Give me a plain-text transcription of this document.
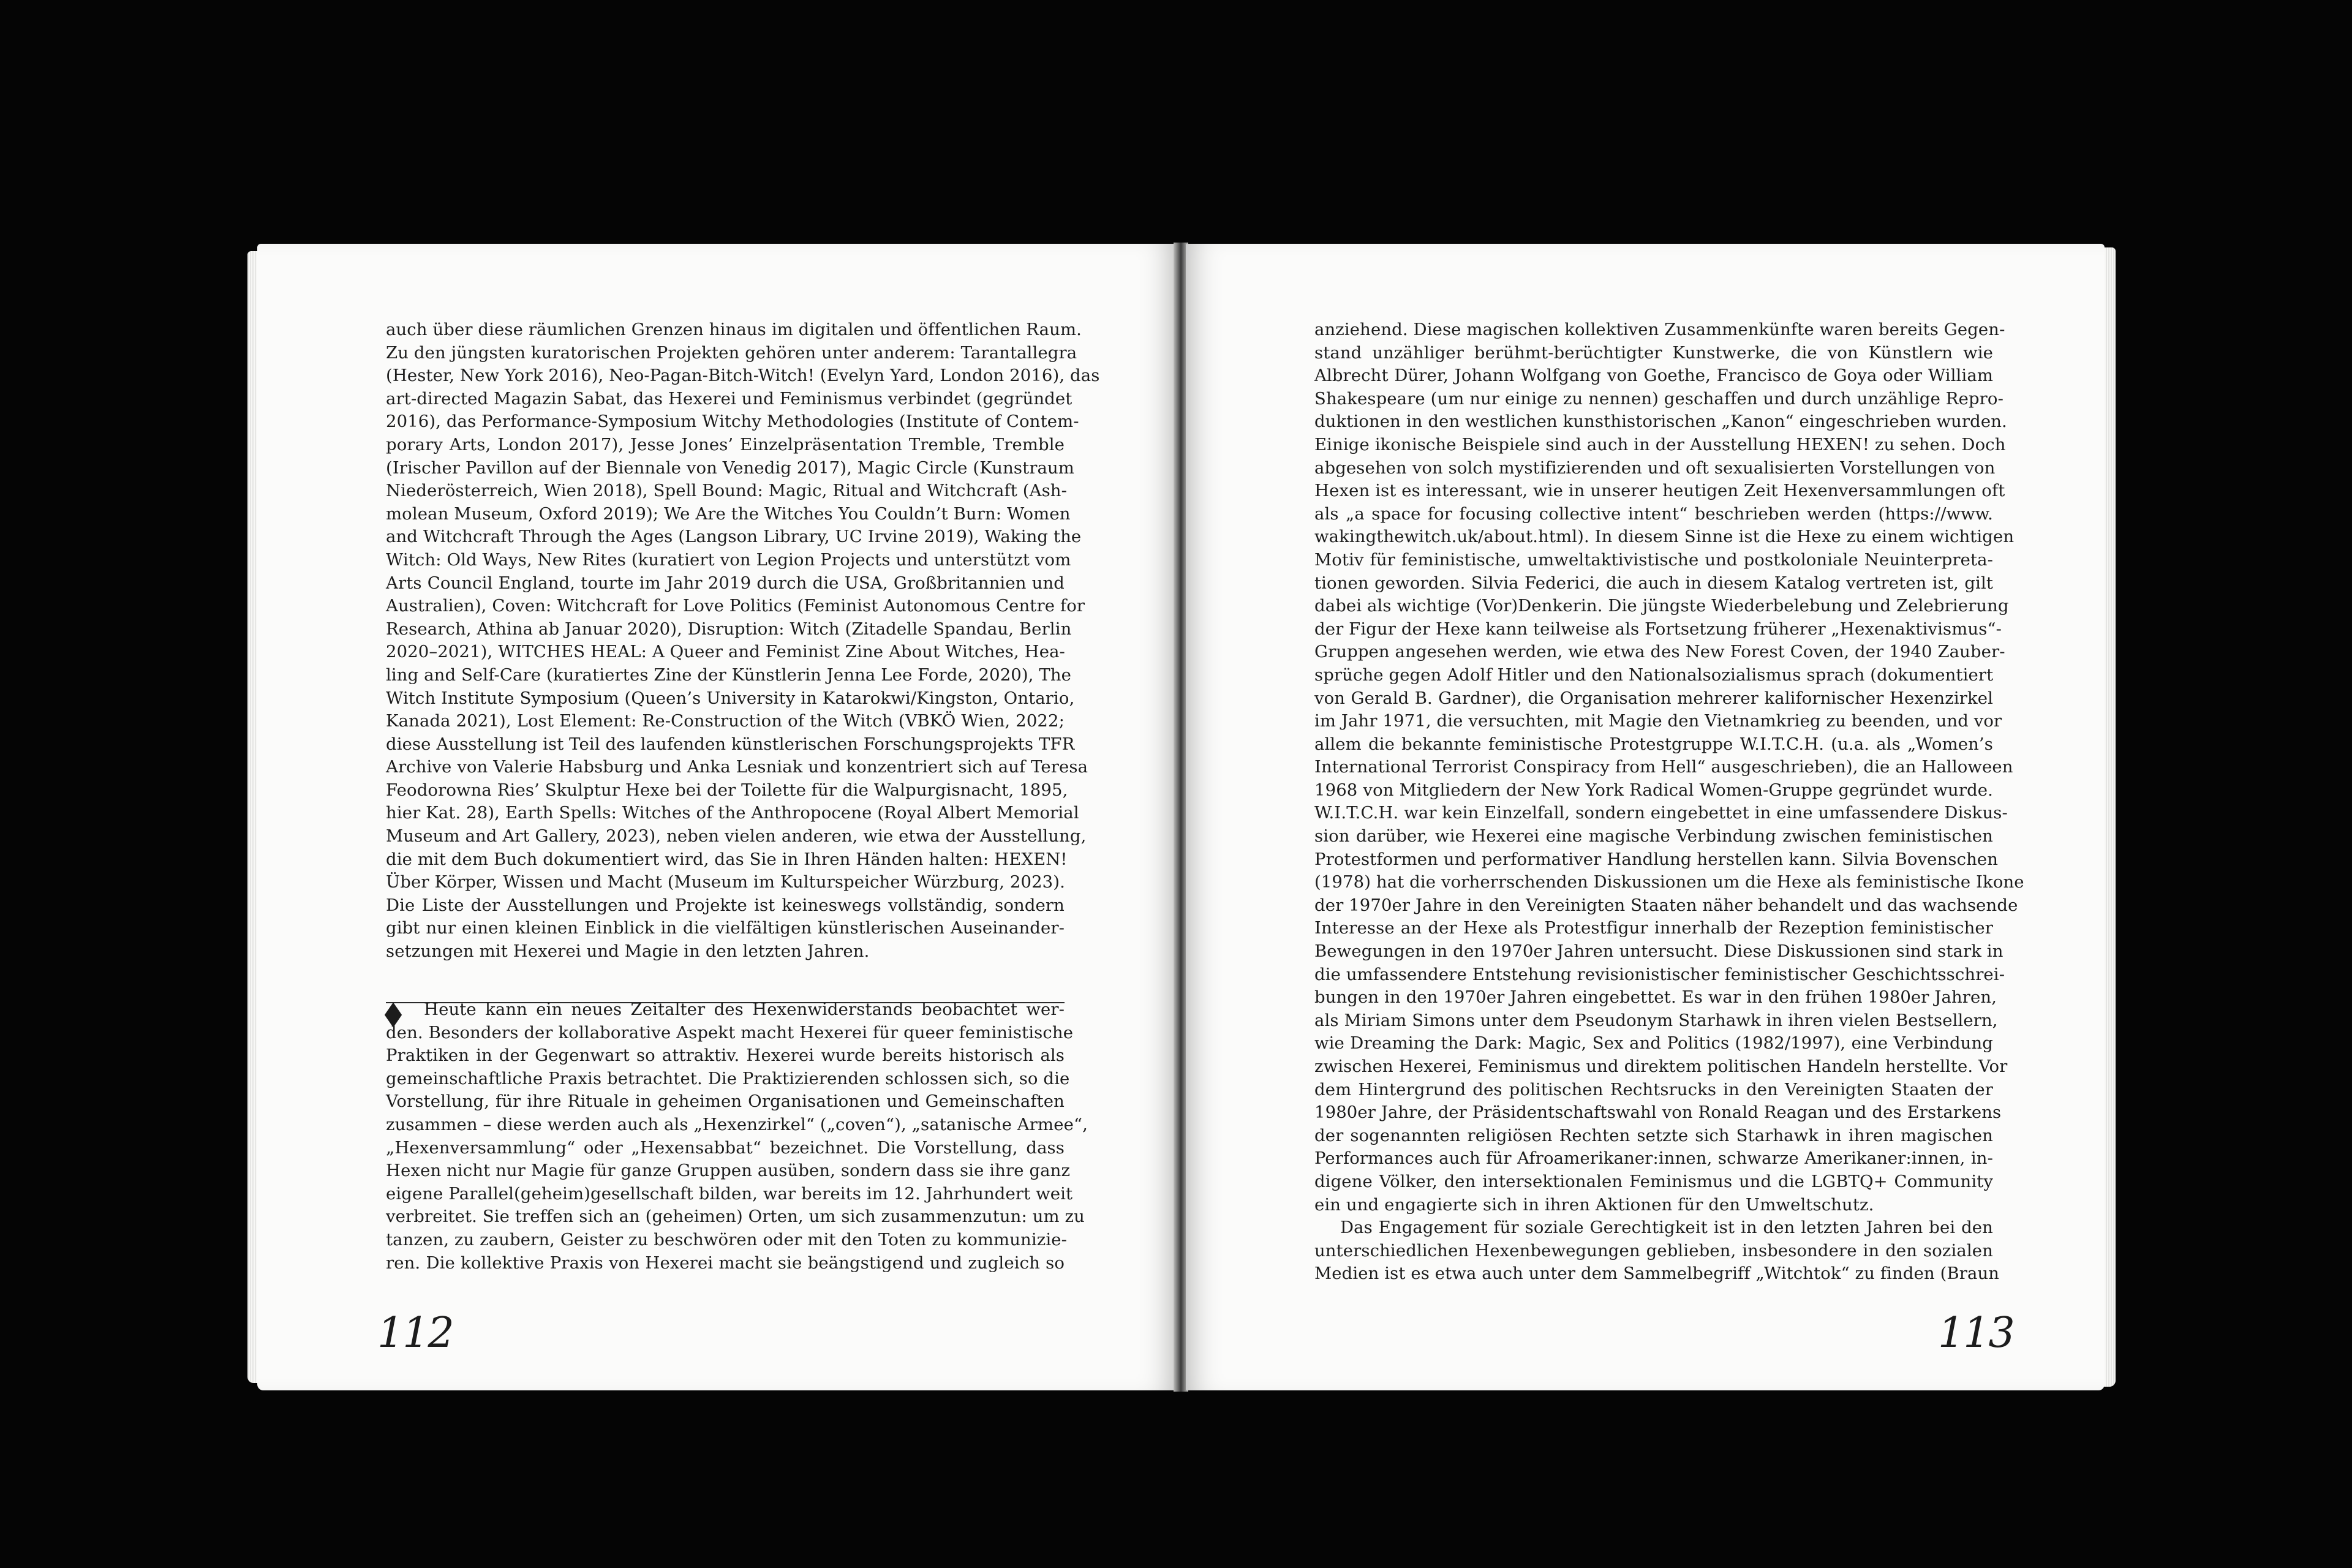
auch über diese räumlichen Grenzen hinaus im digitalen und öffentlichen Raum.
Zu den jüngsten kuratorischen Projekten gehören unter anderem: Tarantallegra
(Hester, New York 2016), Neo-Pagan-Bitch-Witch! (Evelyn Yard, London 2016), das
art-directed Magazin Sabat, das Hexerei und Feminismus verbindet (gegründet
2016), das Performance-Symposium Witchy Methodologies (Institute of Contem-
porary Arts, London 2017), Jesse Jones’ Einzelpräsentation Tremble, Tremble
(Irischer Pavillon auf der Biennale von Venedig 2017), Magic Circle (Kunstraum
Niederösterreich, Wien 2018), Spell Bound: Magic, Ritual and Witchcraft (Ash-
molean Museum, Oxford 2019); We Are the Witches You Couldn’t Burn: Women
and Witchcraft Through the Ages (Langson Library, UC Irvine 2019), Waking the
Witch: Old Ways, New Rites (kuratiert von Legion Projects und unterstützt vom
Arts Council England, tourte im Jahr 2019 durch die USA, Großbritannien und
Australien), Coven: Witchcraft for Love Politics (Feminist Autonomous Centre for
Research, Athina ab Januar 2020), Disruption: Witch (Zitadelle Spandau, Berlin
2020–2021), WITCHES HEAL: A Queer and Feminist Zine About Witches, Hea-
ling and Self-Care (kuratiertes Zine der Künstlerin Jenna Lee Forde, 2020), The
Witch Institute Symposium (Queen’s University in Katarokwi/Kingston, Ontario,
Kanada 2021), Lost Element: Re-Construction of the Witch (VBKÖ Wien, 2022;
diese Ausstellung ist Teil des laufenden künstlerischen Forschungsprojekts TFR
Archive von Valerie Habsburg und Anka Lesniak und konzentriert sich auf Teresa
Feodorowna Ries’ Skulptur Hexe bei der Toilette für die Walpurgisnacht, 1895,
hier Kat. 28), Earth Spells: Witches of the Anthropocene (Royal Albert Memorial
Museum and Art Gallery, 2023), neben vielen anderen, wie etwa der Ausstellung,
die mit dem Buch dokumentiert wird, das Sie in Ihren Händen halten: HEXEN!
Über Körper, Wissen und Macht (Museum im Kulturspeicher Würzburg, 2023).
Die Liste der Ausstellungen und Projekte ist keineswegs vollständig, sondern
gibt nur einen kleinen Einblick in die vielfältigen künstlerischen Auseinander-
setzungen mit Hexerei und Magie in den letzten Jahren.
Heute kann ein neues Zeitalter des Hexenwiderstands beobachtet wer-
den. Besonders der kollaborative Aspekt macht Hexerei für queer feministische
Praktiken in der Gegenwart so attraktiv. Hexerei wurde bereits historisch als
gemeinschaftliche Praxis betrachtet. Die Praktizierenden schlossen sich, so die
Vorstellung, für ihre Rituale in geheimen Organisationen und Gemeinschaften
zusammen – diese werden auch als „Hexenzirkel“ („coven“), „satanische Armee“,
„Hexenversammlung“ oder „Hexensabbat“ bezeichnet. Die Vorstellung, dass
Hexen nicht nur Magie für ganze Gruppen ausüben, sondern dass sie ihre ganz
eigene Parallel(geheim)gesellschaft bilden, war bereits im 12. Jahrhundert weit
verbreitet. Sie treffen sich an (geheimen) Orten, um sich zusammenzutun: um zu
tanzen, zu zaubern, Geister zu beschwören oder mit den Toten zu kommunizie-
ren. Die kollektive Praxis von Hexerei macht sie beängstigend und zugleich so
112
anziehend. Diese magischen kollektiven Zusammenkünfte waren bereits Gegen-
stand unzähliger berühmt-berüchtigter Kunstwerke, die von Künstlern wie
Albrecht Dürer, Johann Wolfgang von Goethe, Francisco de Goya oder William
Shakespeare (um nur einige zu nennen) geschaffen und durch unzählige Repro-
duktionen in den westlichen kunsthistorischen „Kanon“ eingeschrieben wurden.
Einige ikonische Beispiele sind auch in der Ausstellung HEXEN! zu sehen. Doch
abgesehen von solch mystifizierenden und oft sexualisierten Vorstellungen von
Hexen ist es interessant, wie in unserer heutigen Zeit Hexenversammlungen oft
als „a space for focusing collective intent“ beschrieben werden (https://www.
wakingthewitch.uk/about.html). In diesem Sinne ist die Hexe zu einem wichtigen
Motiv für feministische, umweltaktivistische und postkoloniale Neuinterpreta-
tionen geworden. Silvia Federici, die auch in diesem Katalog vertreten ist, gilt
dabei als wichtige (Vor)Denkerin. Die jüngste Wiederbelebung und Zelebrierung
der Figur der Hexe kann teilweise als Fortsetzung früherer „Hexenaktivismus“-
Gruppen angesehen werden, wie etwa des New Forest Coven, der 1940 Zauber-
sprüche gegen Adolf Hitler und den Nationalsozialismus sprach (dokumentiert
von Gerald B. Gardner), die Organisation mehrerer kalifornischer Hexenzirkel
im Jahr 1971, die versuchten, mit Magie den Vietnamkrieg zu beenden, und vor
allem die bekannte feministische Protestgruppe W.I.T.C.H. (u.a. als „Women’s
International Terrorist Conspiracy from Hell“ ausgeschrieben), die an Halloween
1968 von Mitgliedern der New York Radical Women-Gruppe gegründet wurde.
W.I.T.C.H. war kein Einzelfall, sondern eingebettet in eine umfassendere Diskus-
sion darüber, wie Hexerei eine magische Verbindung zwischen feministischen
Protestformen und performativer Handlung herstellen kann. Silvia Bovenschen
(1978) hat die vorherrschenden Diskussionen um die Hexe als feministische Ikone
der 1970er Jahre in den Vereinigten Staaten näher behandelt und das wachsende
Interesse an der Hexe als Protestfigur innerhalb der Rezeption feministischer
Bewegungen in den 1970er Jahren untersucht. Diese Diskussionen sind stark in
die umfassendere Entstehung revisionistischer feministischer Geschichtsschrei-
bungen in den 1970er Jahren eingebettet. Es war in den frühen 1980er Jahren,
als Miriam Simons unter dem Pseudonym Starhawk in ihren vielen Bestsellern,
wie Dreaming the Dark: Magic, Sex and Politics (1982/1997), eine Verbindung
zwischen Hexerei, Feminismus und direktem politischen Handeln herstellte. Vor
dem Hintergrund des politischen Rechtsrucks in den Vereinigten Staaten der
1980er Jahre, der Präsidentschaftswahl von Ronald Reagan und des Erstarkens
der sogenannten religiösen Rechten setzte sich Starhawk in ihren magischen
Performances auch für Afroamerikaner:innen, schwarze Amerikaner:innen, in-
digene Völker, den intersektionalen Feminismus und die LGBTQ+ Community
ein und engagierte sich in ihren Aktionen für den Umweltschutz.
Das Engagement für soziale Gerechtigkeit ist in den letzten Jahren bei den
unterschiedlichen Hexenbewegungen geblieben, insbesondere in den sozialen
Medien ist es etwa auch unter dem Sammelbegriff „Witchtok“ zu finden (Braun
113
